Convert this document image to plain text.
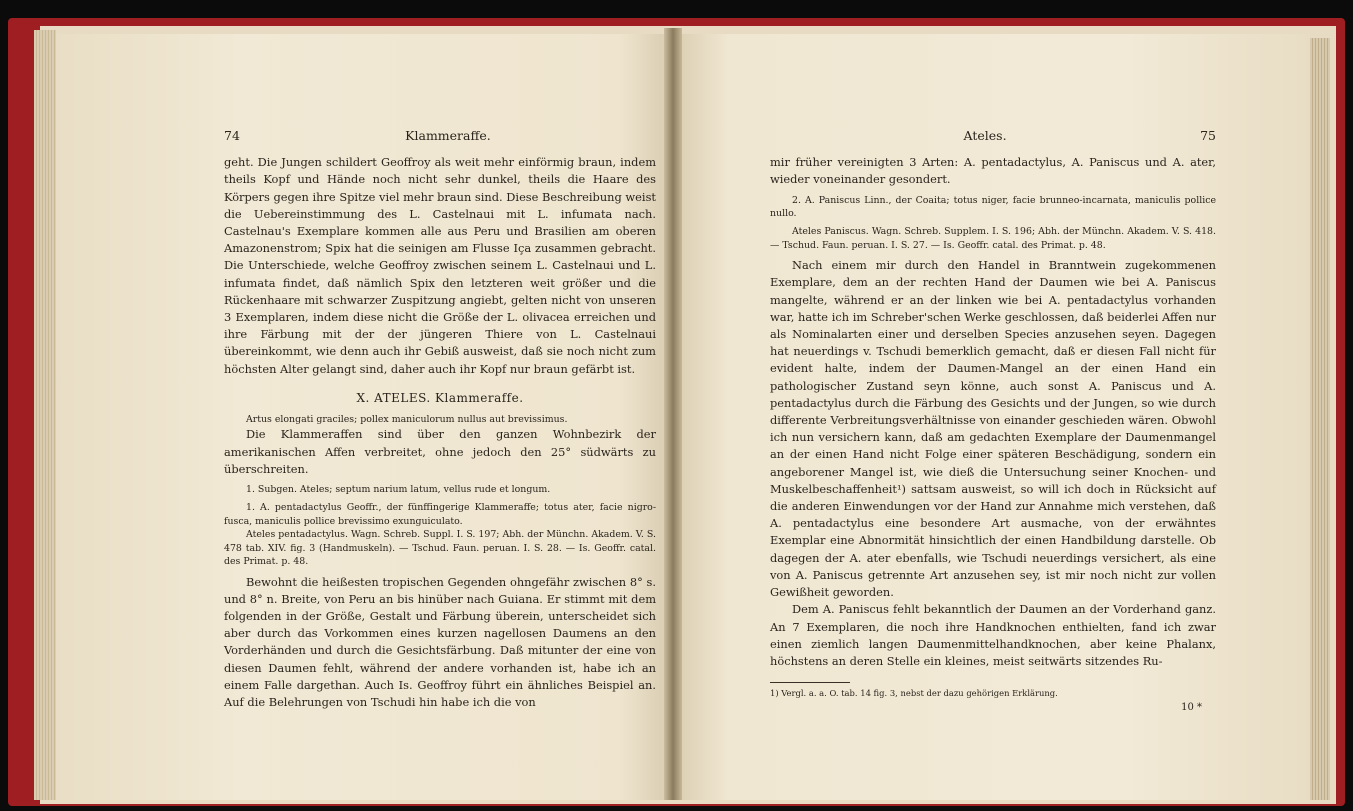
74	Klammeraffe.

geht. Die Jungen schildert Geoffroy als weit mehr einförmig braun, indem theils Kopf und Hände noch nicht sehr dunkel, theils die Haare des Körpers gegen ihre Spitze viel mehr braun sind. Diese Beschreibung weist die Uebereinstimmung des L. Castelnaui mit L. infumata nach. Castelnau's Exemplare kommen alle aus Peru und Brasilien am oberen Amazonenstrom; Spix hat die seinigen am Flusse Iça zusammen gebracht. Die Unterschiede, welche Geoffroy zwischen seinem L. Castelnaui und L. infumata findet, daß nämlich Spix den letzteren weit größer und die Rückenhaare mit schwarzer Zuspitzung angiebt, gelten nicht von unseren 3 Exemplaren, indem diese nicht die Größe der L. olivacea erreichen und ihre Färbung mit der der jüngeren Thiere von L. Castelnaui übereinkommt, wie denn auch ihr Gebiß ausweist, daß sie noch nicht zum höchsten Alter gelangt sind, daher auch ihr Kopf nur braun gefärbt ist.

X. ATELES. Klammeraffe.

Artus elongati graciles; pollex maniculorum nullus aut brevissimus.

Die Klammeraffen sind über den ganzen Wohnbezirk der amerikanischen Affen verbreitet, ohne jedoch den 25° südwärts zu überschreiten.

1. Subgen. Ateles; septum narium latum, vellus rude et longum.

1. A. pentadactylus Geoffr., der fünffingerige Klammeraffe; totus ater, facie nigro-fusca, maniculis pollice brevissimo exunguiculato.

Ateles pentadactylus. Wagn. Schreb. Suppl. I. S. 197; Abh. der Münchn. Akadem. V. S. 478 tab. XIV. fig. 3 (Handmuskeln). — Tschud. Faun. peruan. I. S. 28. — Is. Geoffr. catal. des Primat. p. 48.

Bewohnt die heißesten tropischen Gegenden ohngefähr zwischen 8° s. und 8° n. Breite, von Peru an bis hinüber nach Guiana. Er stimmt mit dem folgenden in der Größe, Gestalt und Färbung überein, unterscheidet sich aber durch das Vorkommen eines kurzen nagellosen Daumens an den Vorderhänden und durch die Gesichtsfärbung. Daß mitunter der eine von diesen Daumen fehlt, während der andere vorhanden ist, habe ich an einem Falle dargethan. Auch Is. Geoffroy führt ein ähnliches Beispiel an. Auf die Belehrungen von Tschudi hin habe ich die von

Ateles.	75

mir früher vereinigten 3 Arten: A. pentadactylus, A. Paniscus und A. ater, wieder voneinander gesondert.

2. A. Paniscus Linn., der Coaita; totus niger, facie brunneo-incarnata, maniculis pollice nullo.

Ateles Paniscus. Wagn. Schreb. Supplem. I. S. 196; Abh. der Münchn. Akadem. V. S. 418. — Tschud. Faun. peruan. I. S. 27. — Is. Geoffr. catal. des Primat. p. 48.

Nach einem mir durch den Handel in Branntwein zugekommenen Exemplare, dem an der rechten Hand der Daumen wie bei A. Paniscus mangelte, während er an der linken wie bei A. pentadactylus vorhanden war, hatte ich im Schreber'schen Werke geschlossen, daß beiderlei Affen nur als Nominalarten einer und derselben Species anzusehen seyen. Dagegen hat neuerdings v. Tschudi bemerklich gemacht, daß er diesen Fall nicht für evident halte, indem der Daumen-Mangel an der einen Hand ein pathologischer Zustand seyn könne, auch sonst A. Paniscus und A. pentadactylus durch die Färbung des Gesichts und der Jungen, so wie durch differente Verbreitungsverhältnisse von einander geschieden wären. Obwohl ich nun versichern kann, daß am gedachten Exemplare der Daumenmangel an der einen Hand nicht Folge einer späteren Beschädigung, sondern ein angeborener Mangel ist, wie dieß die Untersuchung seiner Knochen- und Muskelbeschaffenheit¹) sattsam ausweist, so will ich doch in Rücksicht auf die anderen Einwendungen vor der Hand zur Annahme mich verstehen, daß A. pentadactylus eine besondere Art ausmache, von der erwähntes Exemplar eine Abnormität hinsichtlich der einen Handbildung darstelle. Ob dagegen der A. ater ebenfalls, wie Tschudi neuerdings versichert, als eine von A. Paniscus getrennte Art anzusehen sey, ist mir noch nicht zur vollen Gewißheit geworden.

Dem A. Paniscus fehlt bekanntlich der Daumen an der Vorderhand ganz. An 7 Exemplaren, die noch ihre Handknochen enthielten, fand ich zwar einen ziemlich langen Daumenmittelhandknochen, aber keine Phalanx, höchstens an deren Stelle ein kleines, meist seitwärts sitzendes Ru-

1) Vergl. a. a. O. tab. 14 fig. 3, nebst der dazu gehörigen Erklärung.

10 *
